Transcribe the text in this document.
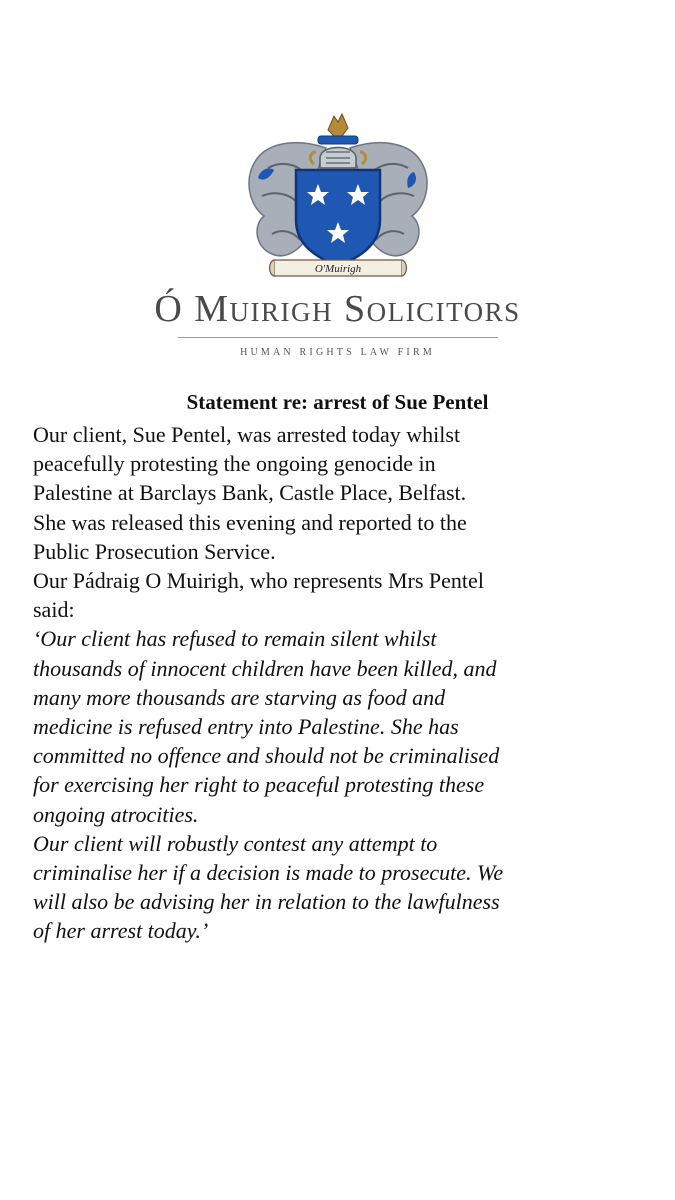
O'Muirigh
Ó Muirigh Solicitors
HUMAN RIGHTS LAW FIRM
Statement re: arrest of Sue Pentel
Our client, Sue Pentel, was arrested today whilst
peacefully protesting the ongoing genocide in
Palestine at Barclays Bank, Castle Place, Belfast.
She was released this evening and reported to the
Public Prosecution Service.
Our Pádraig O Muirigh, who represents Mrs Pentel
said:
‘Our client has refused to remain silent whilst
thousands of innocent children have been killed, and
many more thousands are starving as food and
medicine is refused entry into Palestine. She has
committed no offence and should not be criminalised
for exercising her right to peaceful protesting these
ongoing atrocities.
Our client will robustly contest any attempt to
criminalise her if a decision is made to prosecute. We
will also be advising her in relation to the lawfulness
of her arrest today.’
